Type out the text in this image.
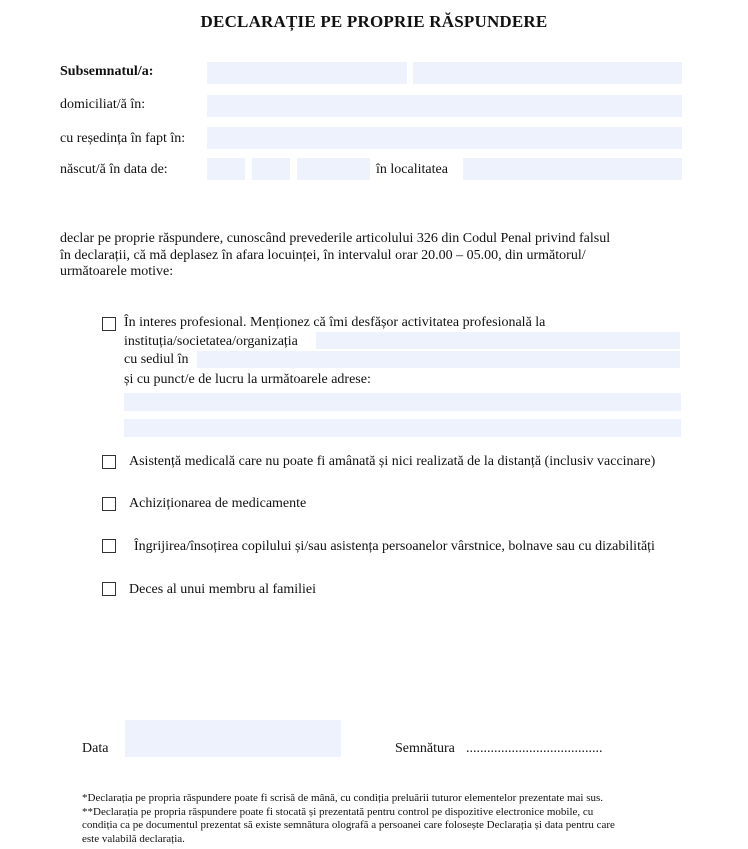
DECLARAȚIE PE PROPRIE RĂSPUNDERE
Subsemnatul/a:
domiciliat/ă în:
cu reședința în fapt în:
născut/ă în data de:	în localitatea
declar pe proprie răspundere, cunoscând prevederile articolului 326 din Codul Penal privind falsul
în declarații, că mă deplasez în afara locuinței, în intervalul orar 20.00 – 05.00, din următorul/
următoarele motive:
În interes profesional. Menționez că îmi desfășor activitatea profesională la
instituția/societatea/organizația
cu sediul în
și cu punct/e de lucru la următoarele adrese:
Asistență medicală care nu poate fi amânată și nici realizată de la distanță (inclusiv vaccinare)
Achiziționarea de medicamente
Îngrijirea/însoțirea copilului și/sau asistența persoanelor vârstnice, bolnave sau cu dizabilități
Deces al unui membru al familiei
Data	Semnătura .......................................
*Declarația pe propria răspundere poate fi scrisă de mână, cu condiția preluării tuturor elementelor prezentate mai sus.
**Declarația pe propria răspundere poate fi stocată și prezentată pentru control pe dispozitive electronice mobile, cu
condiția ca pe documentul prezentat să existe semnătura olografă a persoanei care folosește Declarația și data pentru care
este valabilă declarația.
